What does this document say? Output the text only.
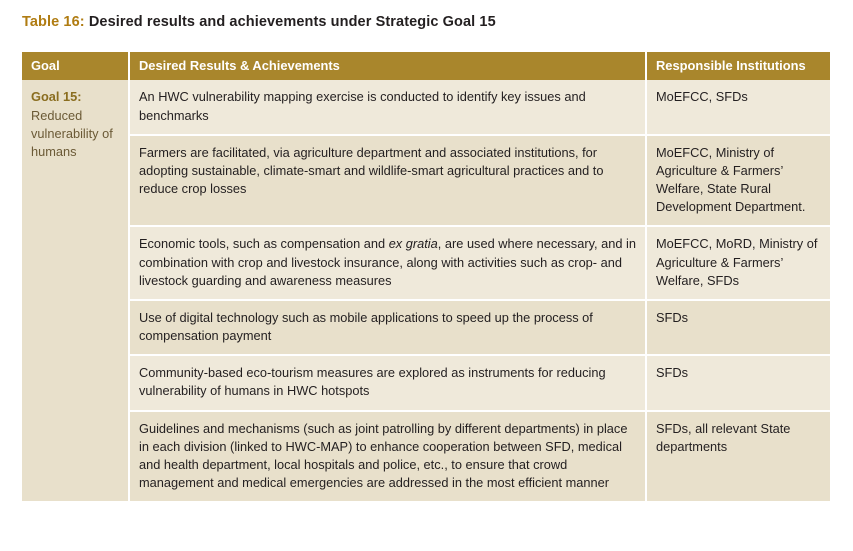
Table 16: Desired results and achievements under Strategic Goal 15
Goal	Desired Results & Achievements	Responsible Institutions

Goal 15:
Reduced vulnerability of humans	An HWC vulnerability mapping exercise is conducted to identify key issues and benchmarks	MoEFCC, SFDs
	Farmers are facilitated, via agriculture department and associated institutions, for adopting sustainable, climate-smart and wildlife-smart agricultural practices and to reduce crop losses	MoEFCC, Ministry of Agriculture & Farmers’ Welfare, State Rural Development Department.
	Economic tools, such as compensation and ex gratia, are used where necessary, and in combination with crop and livestock insurance, along with activities such as crop- and livestock guarding and awareness measures	MoEFCC, MoRD, Ministry of Agriculture & Farmers’ Welfare, SFDs
	Use of digital technology such as mobile applications to speed up the process of compensation payment	SFDs
	Community-based eco-tourism measures are explored as instruments for reducing vulnerability of humans in HWC hotspots	SFDs
	Guidelines and mechanisms (such as joint patrolling by different departments) in place in each division (linked to HWC-MAP) to enhance cooperation between SFD, medical and health department, local hospitals and police, etc., to ensure that crowd management and medical emergencies are addressed in the most efficient manner	SFDs, all relevant State departments
